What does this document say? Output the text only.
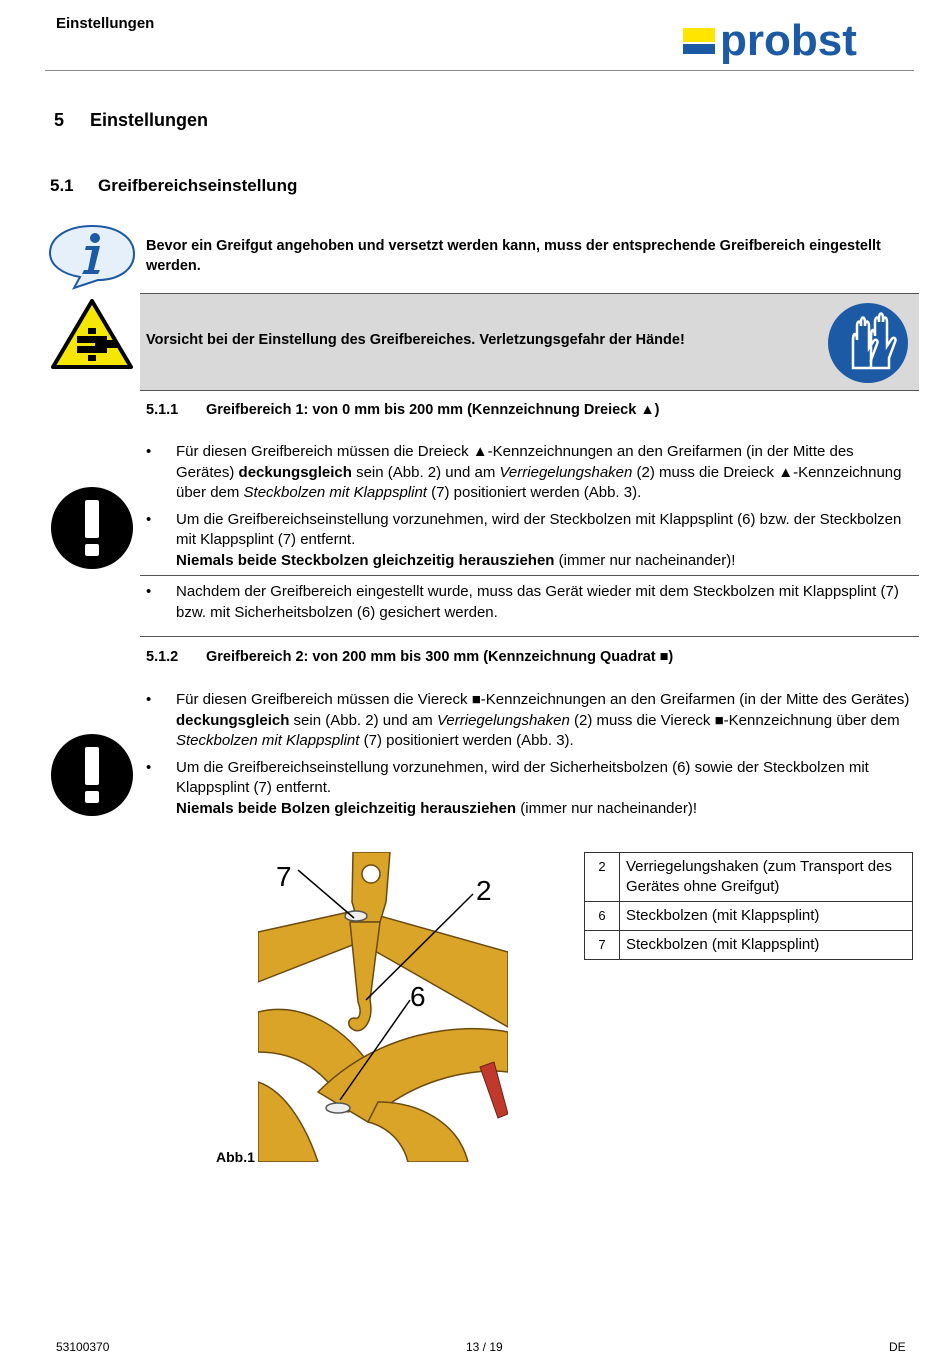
Einstellungen	probst
5 Einstellungen
5.1 Greifbereichseinstellung
Bevor ein Greifgut angehoben und versetzt werden kann, muss der entsprechende Greifbereich eingestellt werden.
Vorsicht bei der Einstellung des Greifbereiches. Verletzungsgefahr der Hände!
5.1.1 Greifbereich 1: von 0 mm bis 200 mm (Kennzeichnung Dreieck ▲)
• Für diesen Greifbereich müssen die Dreieck ▲-Kennzeichnungen an den Greifarmen (in der Mitte des Gerätes) deckungsgleich sein (Abb. 2) und am Verriegelungshaken (2) muss die Dreieck ▲-Kennzeichnung über dem Steckbolzen mit Klappsplint (7) positioniert werden (Abb. 3).
• Um die Greifbereichseinstellung vorzunehmen, wird der Steckbolzen mit Klappsplint (6) bzw. der Steckbolzen mit Klappsplint (7) entfernt.
Niemals beide Steckbolzen gleichzeitig herausziehen (immer nur nacheinander)!
• Nachdem der Greifbereich eingestellt wurde, muss das Gerät wieder mit dem Steckbolzen mit Klappsplint (7) bzw. mit Sicherheitsbolzen (6) gesichert werden.
5.1.2 Greifbereich 2: von 200 mm bis 300 mm (Kennzeichnung Quadrat ■)
• Für diesen Greifbereich müssen die Viereck ■-Kennzeichnungen an den Greifarmen (in der Mitte des Gerätes) deckungsgleich sein (Abb. 2) und am Verriegelungshaken (2) muss die Viereck ■-Kennzeichnung über dem Steckbolzen mit Klappsplint (7) positioniert werden (Abb. 3).
• Um die Greifbereichseinstellung vorzunehmen, wird der Sicherheitsbolzen (6) sowie der Steckbolzen mit Klappsplint (7) entfernt.
Niemals beide Bolzen gleichzeitig herausziehen (immer nur nacheinander)!
7	2
6
Abb.1
2	Verriegelungshaken (zum Transport des Gerätes ohne Greifgut)
6	Steckbolzen (mit Klappsplint)
7	Steckbolzen (mit Klappsplint)
53100370	13 / 19	DE
